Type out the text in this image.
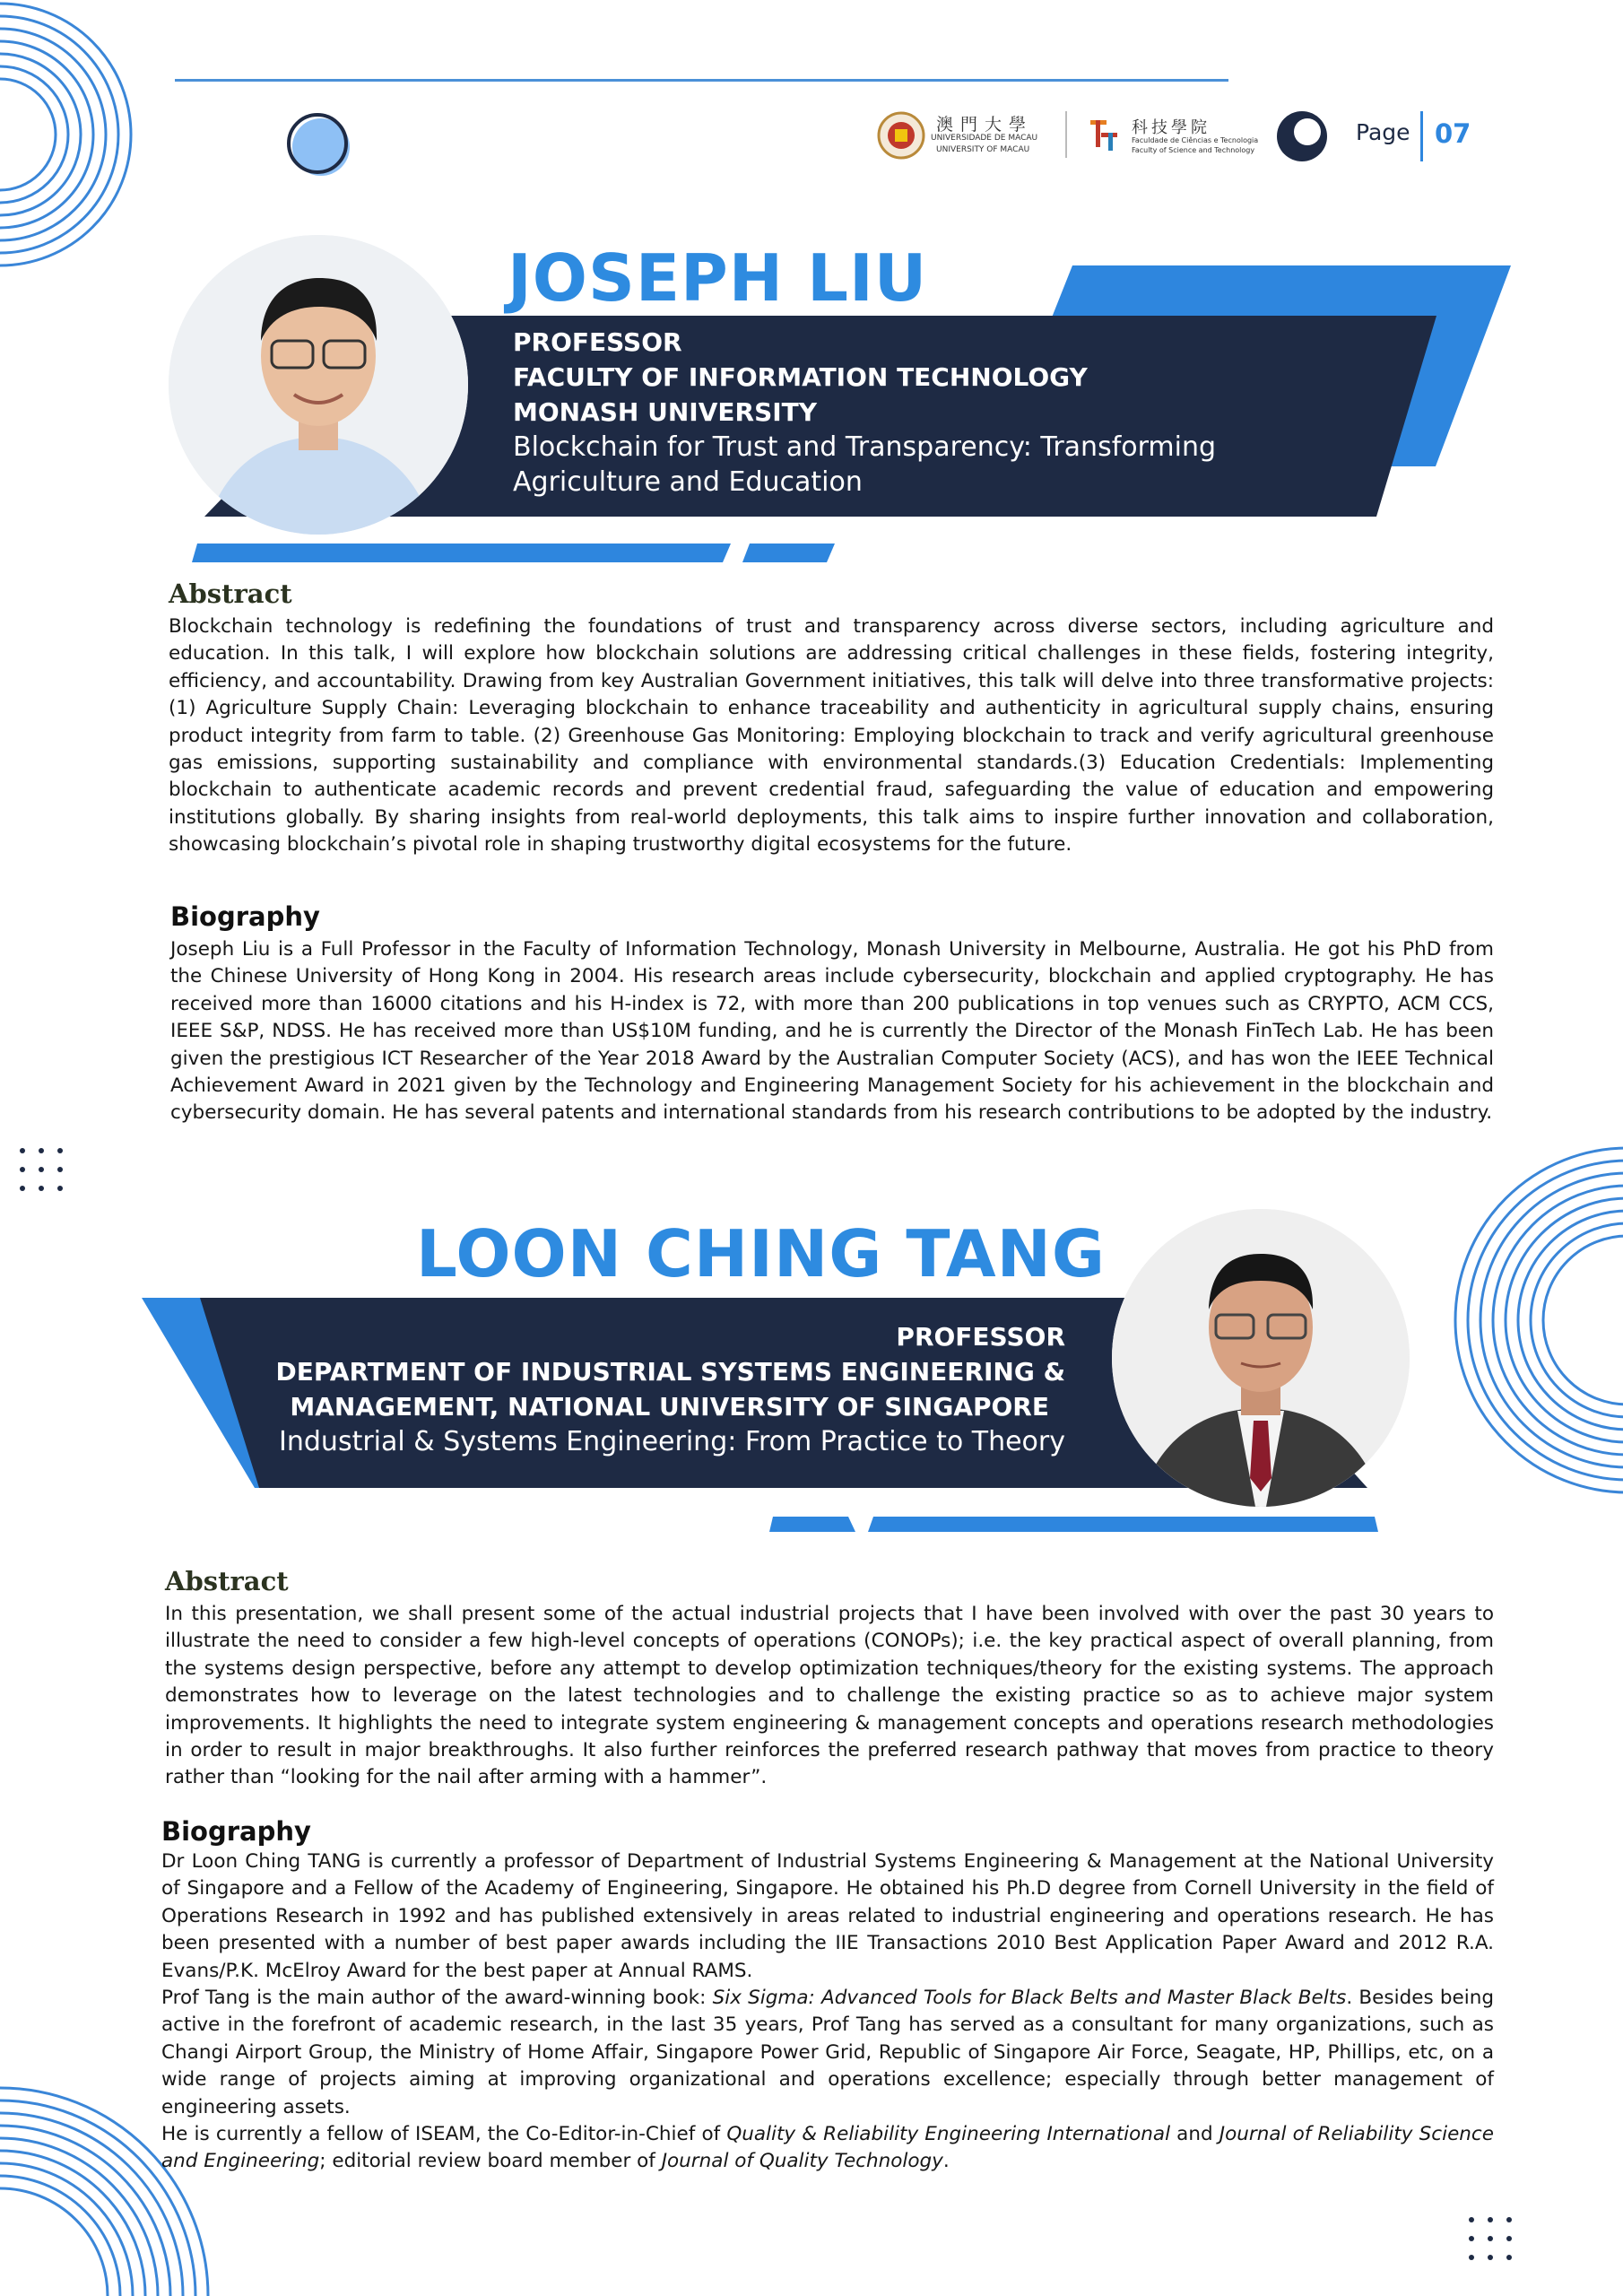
澳門大學
UNIVERSIDADE DE MACAU
UNIVERSITY OF MACAU
科技學院
Faculdade de Ciências e Tecnologia
Faculty of Science and Technology
Page 07
JOSEPH LIU
PROFESSOR
FACULTY OF INFORMATION TECHNOLOGY
MONASH UNIVERSITY
Blockchain for Trust and Transparency: Transforming
Agriculture and Education
Abstract
Blockchain technology is redefining the foundations of trust and transparency across diverse sectors, including agriculture and education. In this talk, I will explore how blockchain solutions are addressing critical challenges in these fields, fostering integrity, efficiency, and accountability. Drawing from key Australian Government initiatives, this talk will delve into three transformative projects: (1) Agriculture Supply Chain: Leveraging blockchain to enhance traceability and authenticity in agricultural supply chains, ensuring product integrity from farm to table. (2) Greenhouse Gas Monitoring: Employing blockchain to track and verify agricultural greenhouse gas emissions, supporting sustainability and compliance with environmental standards.(3) Education Credentials: Implementing blockchain to authenticate academic records and prevent credential fraud, safeguarding the value of education and empowering institutions globally. By sharing insights from real-world deployments, this talk aims to inspire further innovation and collaboration, showcasing blockchain’s pivotal role in shaping trustworthy digital ecosystems for the future.
Biography
Joseph Liu is a Full Professor in the Faculty of Information Technology, Monash University in Melbourne, Australia. He got his PhD from the Chinese University of Hong Kong in 2004. His research areas include cybersecurity, blockchain and applied cryptography. He has received more than 16000 citations and his H-index is 72, with more than 200 publications in top venues such as CRYPTO, ACM CCS, IEEE S&P, NDSS. He has received more than US$10M funding, and he is currently the Director of the Monash FinTech Lab. He has been given the prestigious ICT Researcher of the Year 2018 Award by the Australian Computer Society (ACS), and has won the IEEE Technical Achievement Award in 2021 given by the Technology and Engineering Management Society for his achievement in the blockchain and cybersecurity domain. He has several patents and international standards from his research contributions to be adopted by the industry.
LOON CHING TANG
PROFESSOR
DEPARTMENT OF INDUSTRIAL SYSTEMS ENGINEERING &
MANAGEMENT, NATIONAL UNIVERSITY OF SINGAPORE
Industrial & Systems Engineering: From Practice to Theory
Abstract
In this presentation, we shall present some of the actual industrial projects that I have been involved with over the past 30 years to illustrate the need to consider a few high-level concepts of operations (CONOPs); i.e. the key practical aspect of overall planning, from the systems design perspective, before any attempt to develop optimization techniques/theory for the existing systems. The approach demonstrates how to leverage on the latest technologies and to challenge the existing practice so as to achieve major system improvements. It highlights the need to integrate system engineering & management concepts and operations research methodologies in order to result in major breakthroughs. It also further reinforces the preferred research pathway that moves from practice to theory rather than “looking for the nail after arming with a hammer”.
Biography

Dr Loon Ching TANG is currently a professor of Department of Industrial Systems Engineering & Management at the National University of Singapore and a Fellow of the Academy of Engineering, Singapore. He obtained his Ph.D degree from Cornell University in the field of Operations Research in 1992 and has published extensively in areas related to industrial engineering and operations research. He has been presented with a number of best paper awards including the IIE Transactions 2010 Best Application Paper Award and 2012 R.A. Evans/P.K. McElroy Award for the best paper at Annual RAMS.

Prof Tang is the main author of the award-winning book: Six Sigma: Advanced Tools for Black Belts and Master Black Belts. Besides being active in the forefront of academic research, in the last 35 years, Prof Tang has served as a consultant for many organizations, such as Changi Airport Group, the Ministry of Home Affair, Singapore Power Grid, Republic of Singapore Air Force, Seagate, HP, Phillips, etc, on a wide range of projects aiming at improving organizational and operations excellence; especially through better management of engineering assets.

He is currently a fellow of ISEAM, the Co-Editor-in-Chief of Quality & Reliability Engineering International and Journal of Reliability Science and Engineering; editorial review board member of Journal of Quality Technology.
